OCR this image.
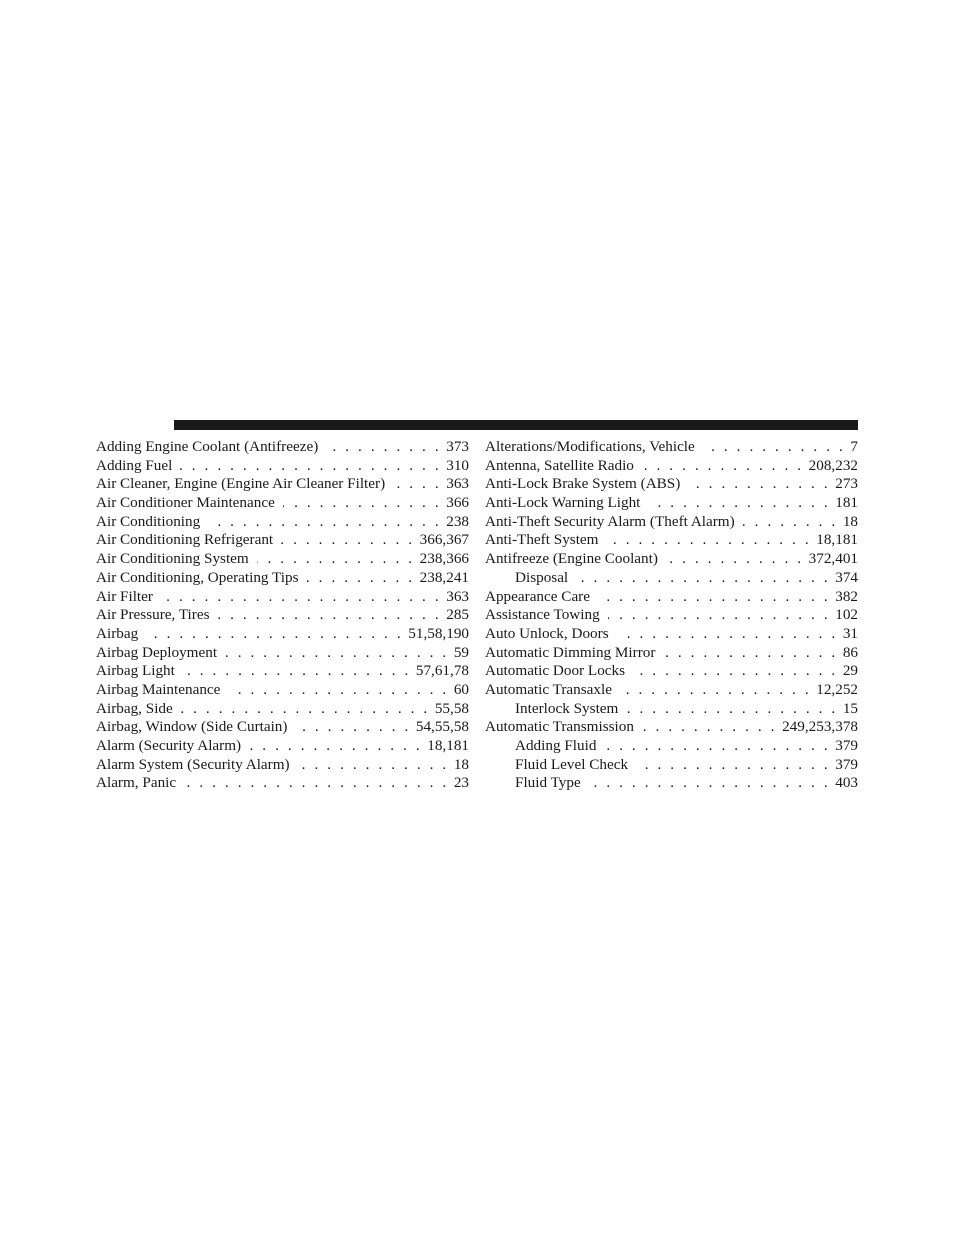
Adding Engine Coolant (Antifreeze) . . .	373
Adding Fuel . . .	310
Air Cleaner, Engine (Engine Air Cleaner Filter) . . .	363
Air Conditioner Maintenance . . .	366
Air Conditioning . . .	238
Air Conditioning Refrigerant . . .	366,367
Air Conditioning System . . .	238,366
Air Conditioning, Operating Tips . . .	238,241
Air Filter . . .	363
Air Pressure, Tires . . .	285
Airbag . . .	51,58,190
Airbag Deployment . . .	59
Airbag Light . . .	57,61,78
Airbag Maintenance . . .	60
Airbag, Side . . .	55,58
Airbag, Window (Side Curtain) . . .	54,55,58
Alarm (Security Alarm) . . .	18,181
Alarm System (Security Alarm) . . .	18
Alarm, Panic . . .	23
Alterations/Modifications, Vehicle . . .	7
Antenna, Satellite Radio . . .	208,232
Anti-Lock Brake System (ABS) . . .	273
Anti-Lock Warning Light . . .	181
Anti-Theft Security Alarm (Theft Alarm) . . .	18
Anti-Theft System . . .	18,181
Antifreeze (Engine Coolant) . . .	372,401
Disposal . . .	374
Appearance Care . . .	382
Assistance Towing . . .	102
Auto Unlock, Doors . . .	31
Automatic Dimming Mirror . . .	86
Automatic Door Locks . . .	29
Automatic Transaxle . . .	12,252
Interlock System . . .	15
Automatic Transmission . . .	249,253,378
Adding Fluid . . .	379
Fluid Level Check . . .	379
Fluid Type . . .	403
